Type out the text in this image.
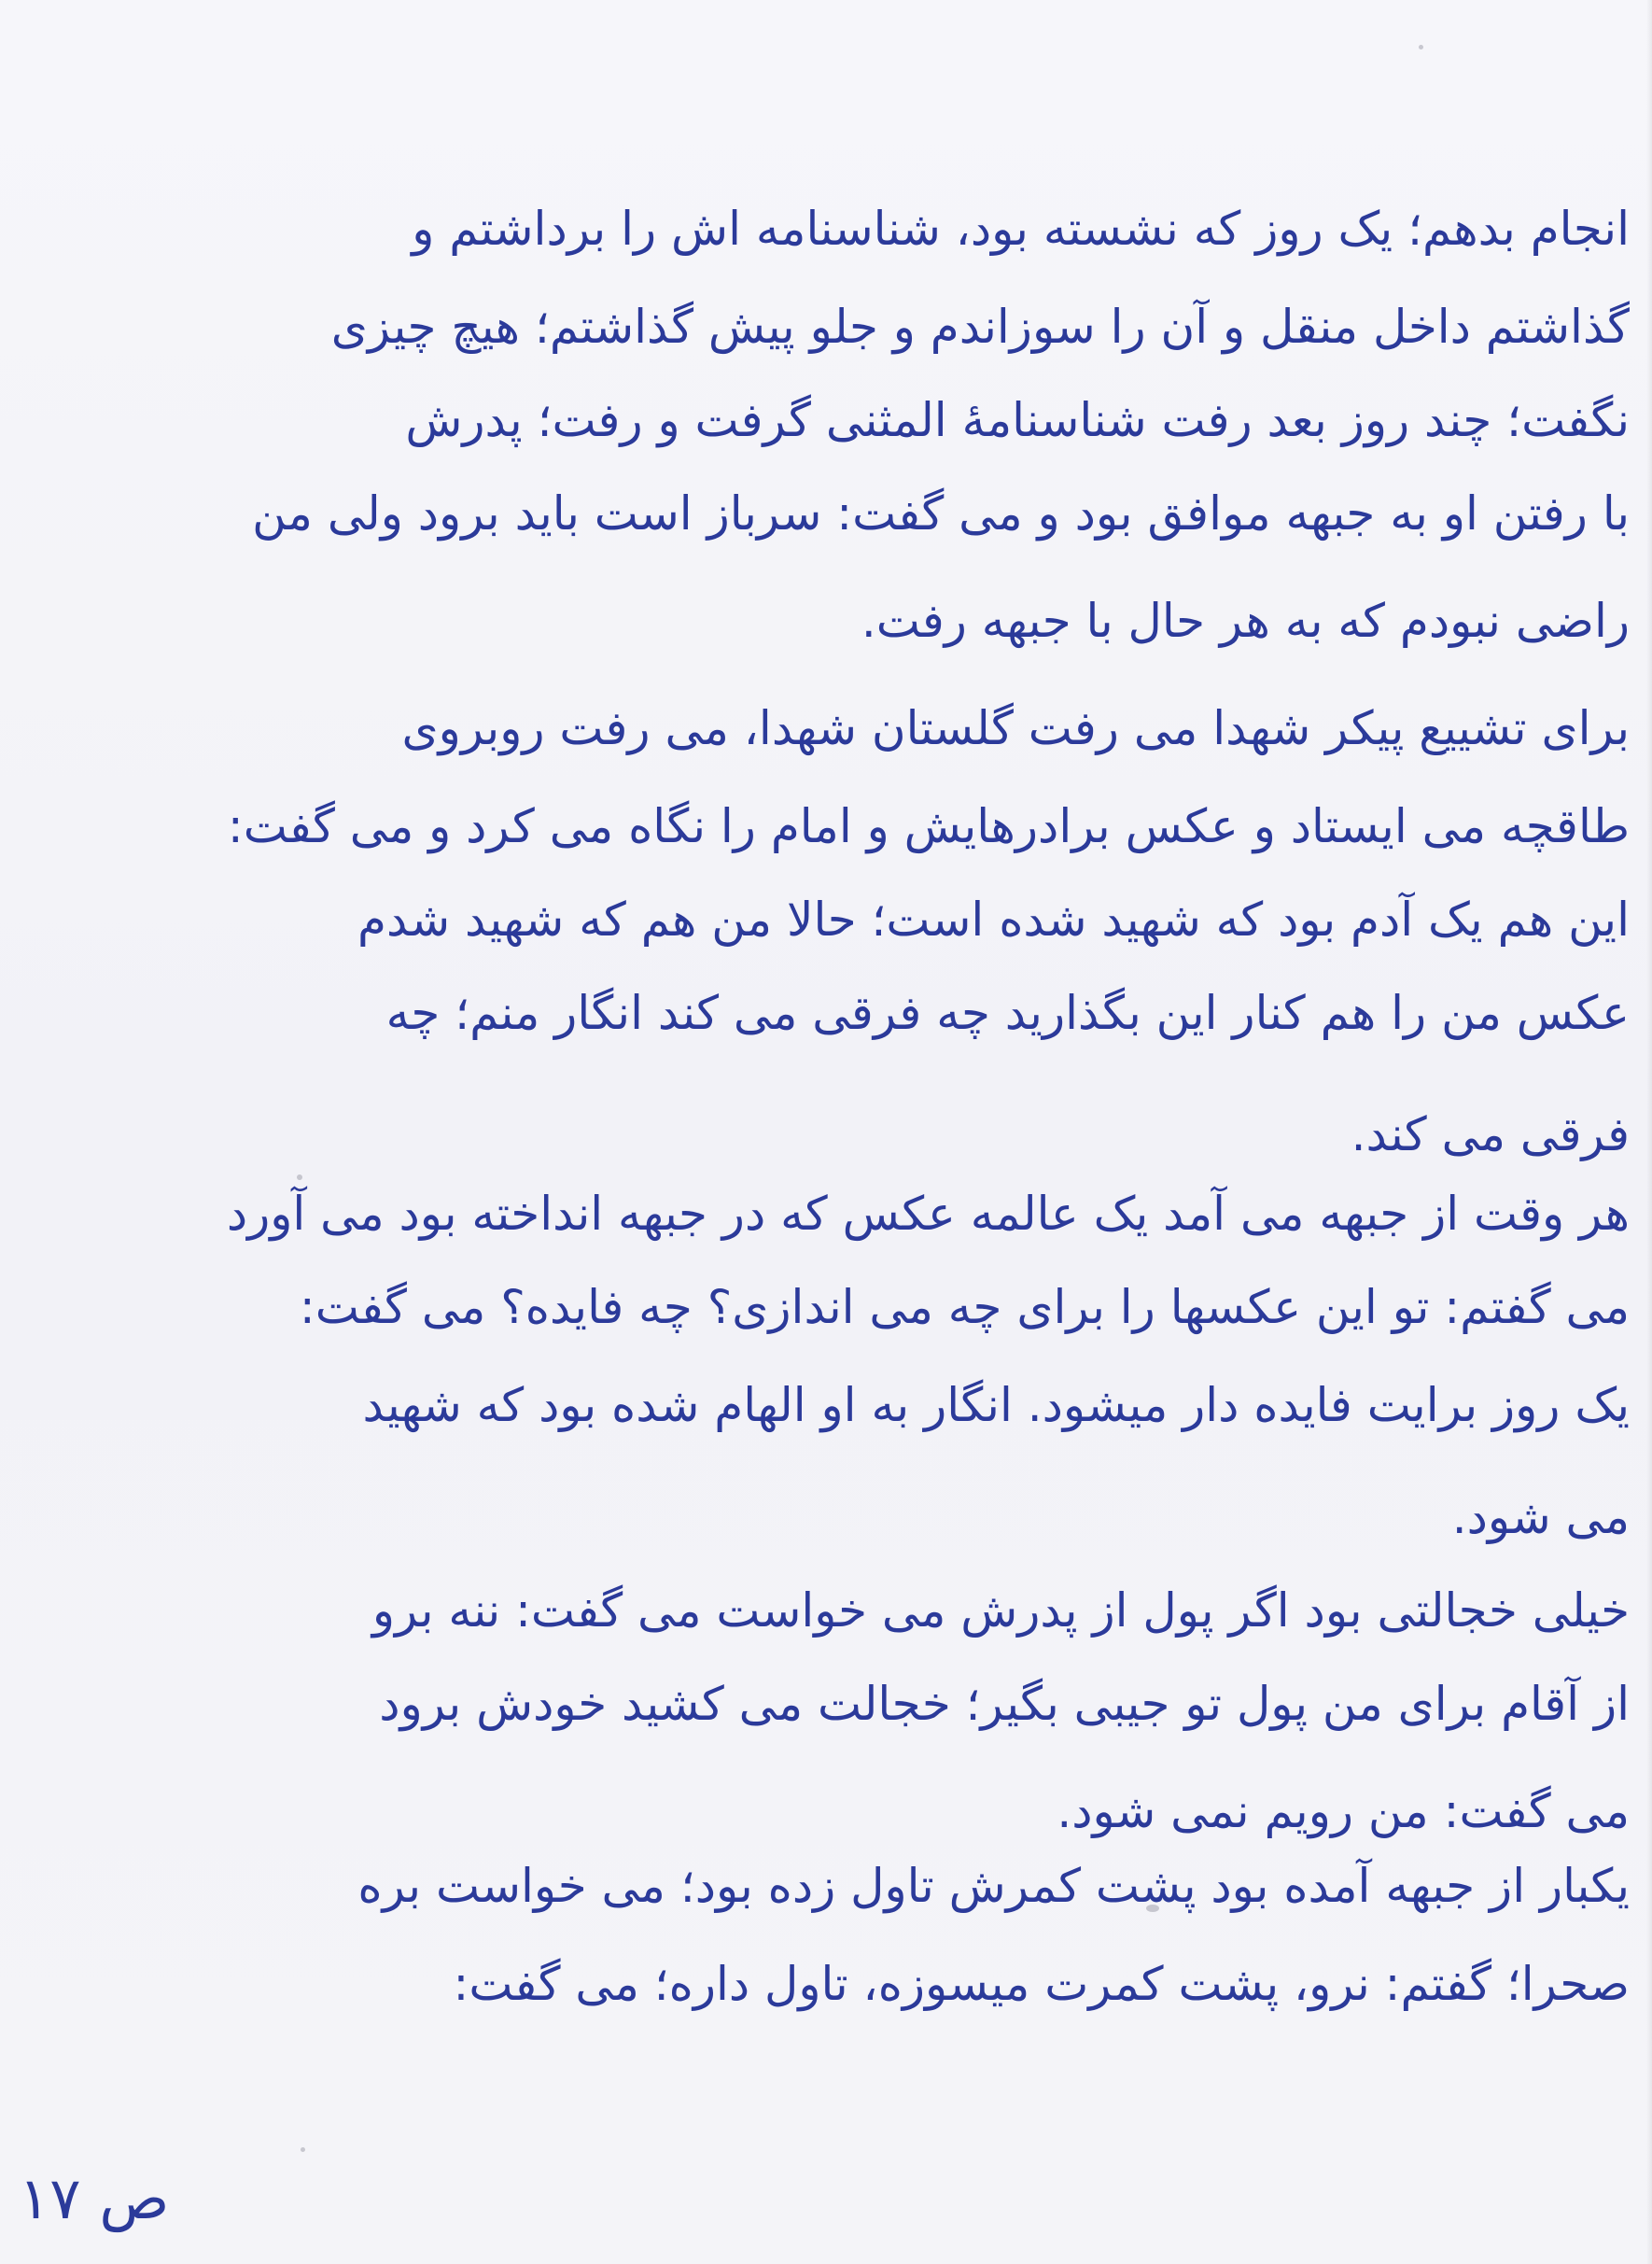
انجام بدهم؛ یک روز که نشسته بود، شناسنامه اش را برداشتم و
گذاشتم داخل منقل و آن را سوزاندم و جلو پیش گذاشتم؛ هیچ چیزی
نگفت؛ چند روز بعد رفت شناسنامهٔ المثنی گرفت و رفت؛ پدرش
با رفتن او به جبهه موافق بود و می گفت: سرباز است باید برود ولی من
راضی نبودم که به هر حال با جبهه رفت.
برای تشییع پیکر شهدا می رفت گلستان شهدا، می رفت روبروی
طاقچه می ایستاد و عکس برادرهایش و امام را نگاه می کرد و می گفت:
این هم یک آدم بود که شهید شده است؛ حالا من هم که شهید شدم
عکس من را هم کنار این بگذارید چه فرقی می کند انگار منم؛ چه
فرقی می کند.
هر وقت از جبهه می آمد یک عالمه عکس که در جبهه انداخته بود می آورد
می گفتم: تو این عکسها را برای چه می اندازی؟ چه فایده؟ می گفت:
یک روز برایت فایده دار میشود. انگار به او الهام شده بود که شهید
می شود.
خیلی خجالتی بود اگر پول از پدرش می خواست می گفت: ننه برو
از آقام برای من پول تو جیبی بگیر؛ خجالت می کشید خودش برود
می گفت: من رویم نمی شود.
یکبار از جبهه آمده بود پشت کمرش تاول زده بود؛ می خواست بره
صحرا؛ گفتم: نرو، پشت کمرت میسوزه، تاول داره؛ می گفت:
ص ۱۷
